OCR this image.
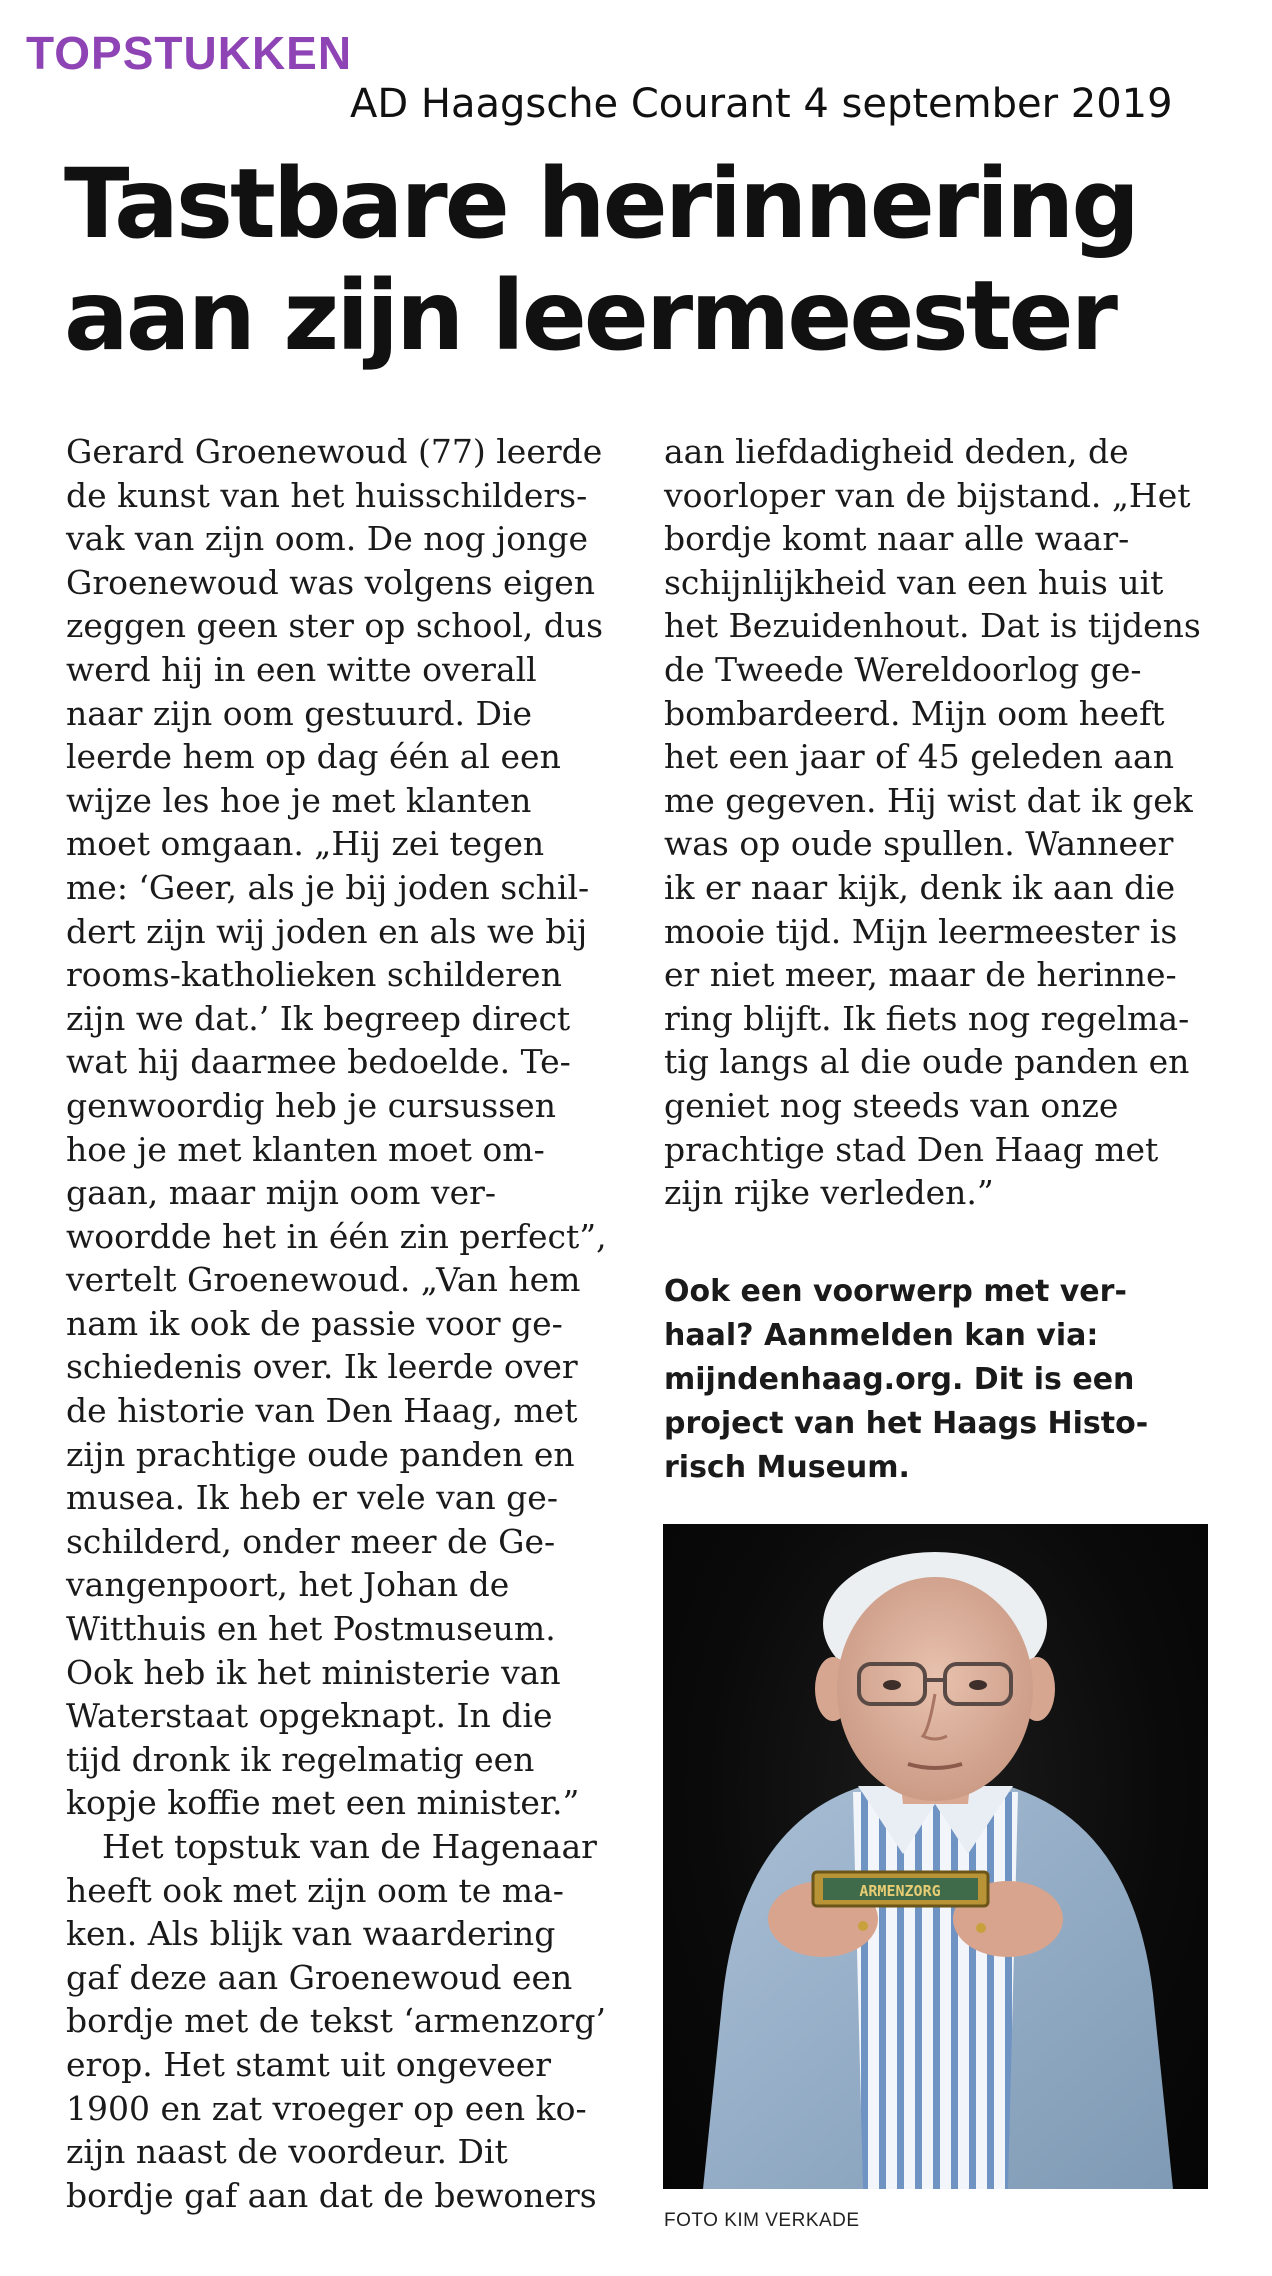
TOPSTUKKEN
AD Haagsche Courant 4 september 2019
Tastbare herinnering
aan zijn leermeester
Gerard Groenewoud (77) leerde
de kunst van het huisschilders-
vak van zijn oom. De nog jonge
Groenewoud was volgens eigen
zeggen geen ster op school, dus
werd hij in een witte overall
naar zijn oom gestuurd. Die
leerde hem op dag één al een
wijze les hoe je met klanten
moet omgaan. „Hij zei tegen
me: ‘Geer, als je bij joden schil-
dert zijn wij joden en als we bij
rooms-katholieken schilderen
zijn we dat.’ Ik begreep direct
wat hij daarmee bedoelde. Te-
genwoordig heb je cursussen
hoe je met klanten moet om-
gaan, maar mijn oom ver-
woordde het in één zin perfect”,
vertelt Groenewoud. „Van hem
nam ik ook de passie voor ge-
schiedenis over. Ik leerde over
de historie van Den Haag, met
zijn prachtige oude panden en
musea. Ik heb er vele van ge-
schilderd, onder meer de Ge-
vangenpoort, het Johan de
Witthuis en het Postmuseum.
Ook heb ik het ministerie van
Waterstaat opgeknapt. In die
tijd dronk ik regelmatig een
kopje koffie met een minister.”
Het topstuk van de Hagenaar
heeft ook met zijn oom te ma-
ken. Als blijk van waardering
gaf deze aan Groenewoud een
bordje met de tekst ‘armenzorg’
erop. Het stamt uit ongeveer
1900 en zat vroeger op een ko-
zijn naast de voordeur. Dit
bordje gaf aan dat de bewoners
aan liefdadigheid deden, de
voorloper van de bijstand. „Het
bordje komt naar alle waar-
schijnlijkheid van een huis uit
het Bezuidenhout. Dat is tijdens
de Tweede Wereldoorlog ge-
bombardeerd. Mijn oom heeft
het een jaar of 45 geleden aan
me gegeven. Hij wist dat ik gek
was op oude spullen. Wanneer
ik er naar kijk, denk ik aan die
mooie tijd. Mijn leermeester is
er niet meer, maar de herinne-
ring blijft. Ik fiets nog regelma-
tig langs al die oude panden en
geniet nog steeds van onze
prachtige stad Den Haag met
zijn rijke verleden.”
Ook een voorwerp met ver-
haal? Aanmelden kan via:
mijndenhaag.org. Dit is een
project van het Haags Histo-
risch Museum.
ARMENZORG
FOTO KIM VERKADE
